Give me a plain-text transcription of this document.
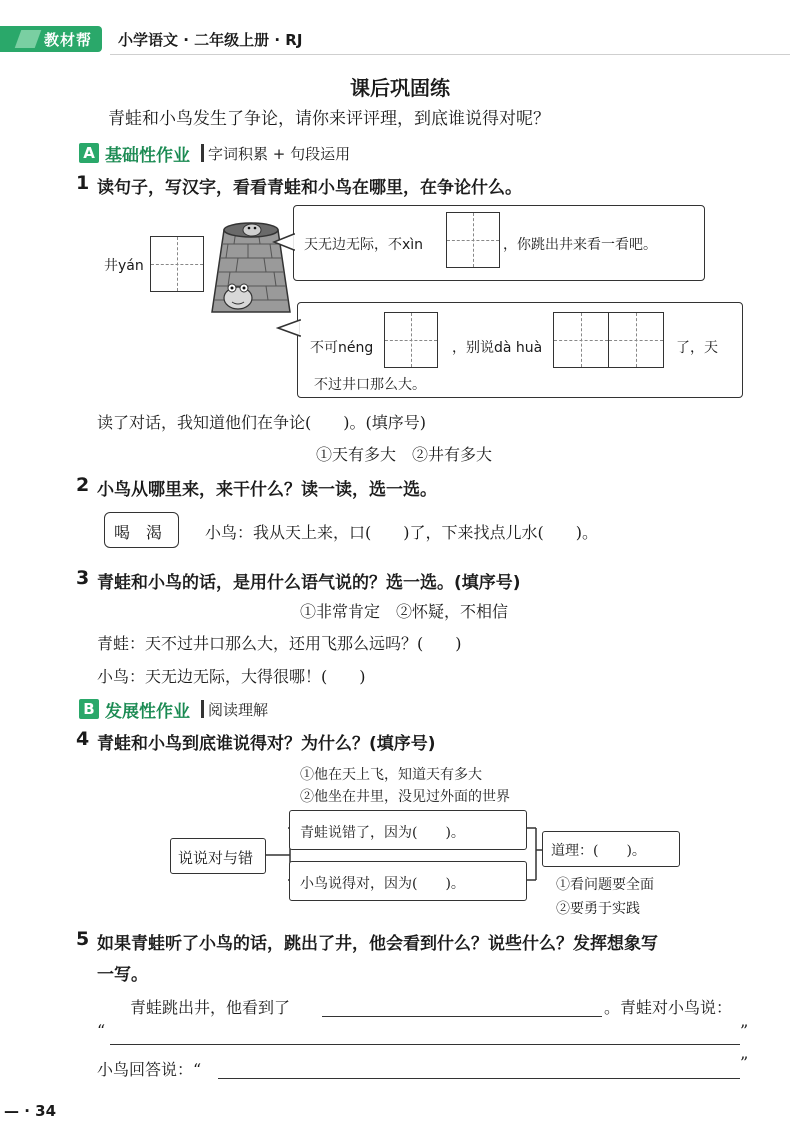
教材帮 小学语文 · 二年级上册 · RJ
课后巩固练
青蛙和小鸟发生了争论，请你来评评理，到底谁说得对呢？
A 基础性作业 字词积累 + 句段运用
1 读句子，写汉字，看看青蛙和小鸟在哪里，在争论什么。
井yán
天无边无际，不xìn	，你跳出井来看一看吧。
不可néng	，别说dà huà	了，天
不过井口那么大。
读了对话，我知道他们在争论(　　)。(填序号)
①天有多大　②井有多大
2 小鸟从哪里来，来干什么？读一读，选一选。
喝　渴	小鸟：我从天上来，口(　　)了，下来找点儿水(　　)。
3 青蛙和小鸟的话，是用什么语气说的？选一选。(填序号)
①非常肯定　②怀疑，不相信
青蛙：天不过井口那么大，还用飞那么远吗？(　　)
小鸟：天无边无际，大得很哪！(　　)
B 发展性作业 阅读理解
4 青蛙和小鸟到底谁说得对？为什么？(填序号)
①他在天上飞，知道天有多大
②他坐在井里，没见过外面的世界
说说对与错
青蛙说错了，因为(　　)。
小鸟说得对，因为(　　)。
道理：(　　)。
①看问题要全面
②要勇于实践
5 如果青蛙听了小鸟的话，跳出了井，他会看到什么？说些什么？发挥想象写
一写。
青蛙跳出井，他看到了	。青蛙对小鸟说：
“	”
小鸟回答说：“	”
— · 34
